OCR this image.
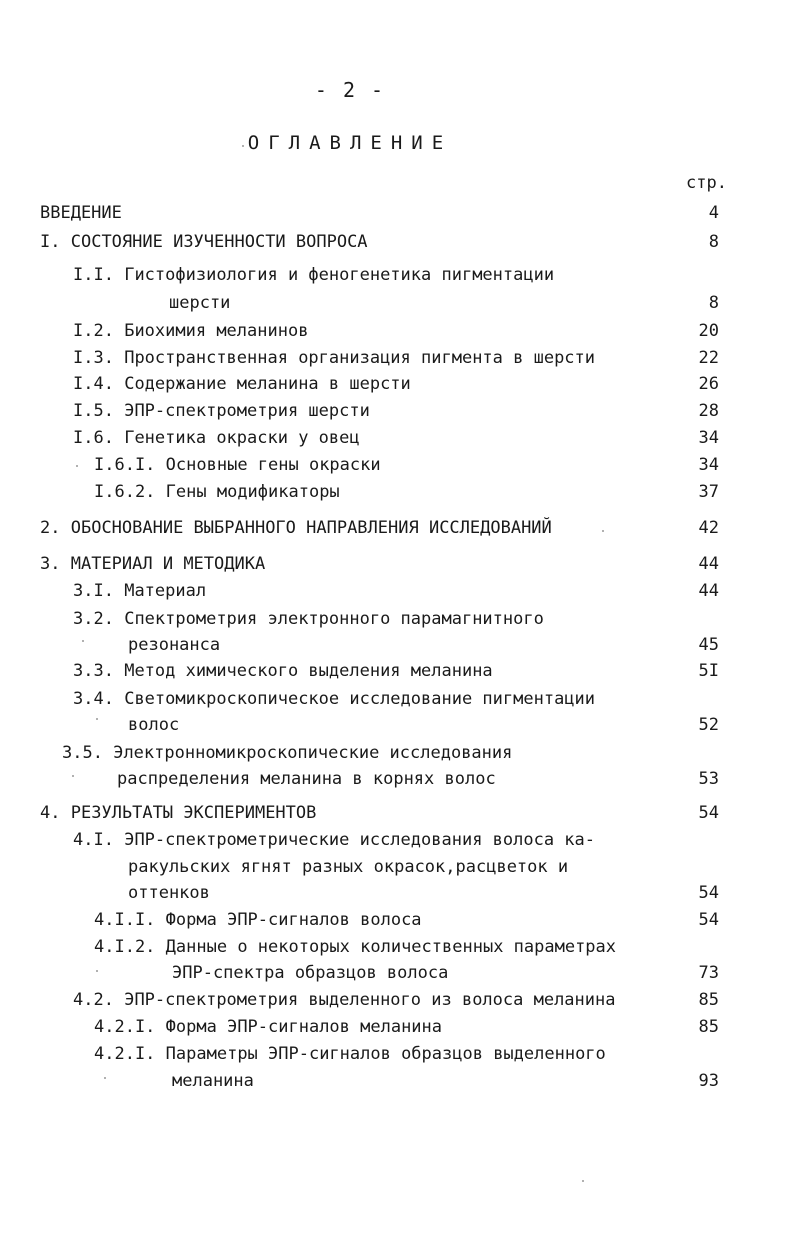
- 2 -
ОГЛАВЛЕНИЕ
стр.
ВВЕДЕНИЕ	4
I. СОСТОЯНИЕ ИЗУЧЕННОСТИ ВОПРОСА	8
I.I. Гистофизиология и феногенетика пигментации
шерсти	8
I.2. Биохимия меланинов	20
I.3. Пространственная организация пигмента в шерсти	22
I.4. Содержание меланина в шерсти	26
I.5. ЭПР-спектрометрия шерсти	28
I.6. Генетика окраски у овец	34
I.6.I. Основные гены окраски	34
I.6.2. Гены модификаторы	37
2. ОБОСНОВАНИЕ ВЫБРАННОГО НАПРАВЛЕНИЯ ИССЛЕДОВАНИЙ	42
3. МАТЕРИАЛ И МЕТОДИКА	44
3.I. Материал	44
3.2. Спектрометрия электронного парамагнитного
резонанса	45
3.3. Метод химического выделения меланина	5I
3.4. Светомикроскопическое исследование пигментации
волос	52
3.5. Электронномикроскопические исследования
распределения меланина в корнях волос	53
4. РЕЗУЛЬТАТЫ ЭКСПЕРИМЕНТОВ	54
4.I. ЭПР-спектрометрические исследования волоса ка-
ракульских ягнят разных окрасок,расцветок и
оттенков	54
4.I.I. Форма ЭПР-сигналов волоса	54
4.I.2. Данные о некоторых количественных параметрах
ЭПР-спектра образцов волоса	73
4.2. ЭПР-спектрометрия выделенного из волоса меланина	85
4.2.I. Форма ЭПР-сигналов меланина	85
4.2.I. Параметры ЭПР-сигналов образцов выделенного
меланина	93
